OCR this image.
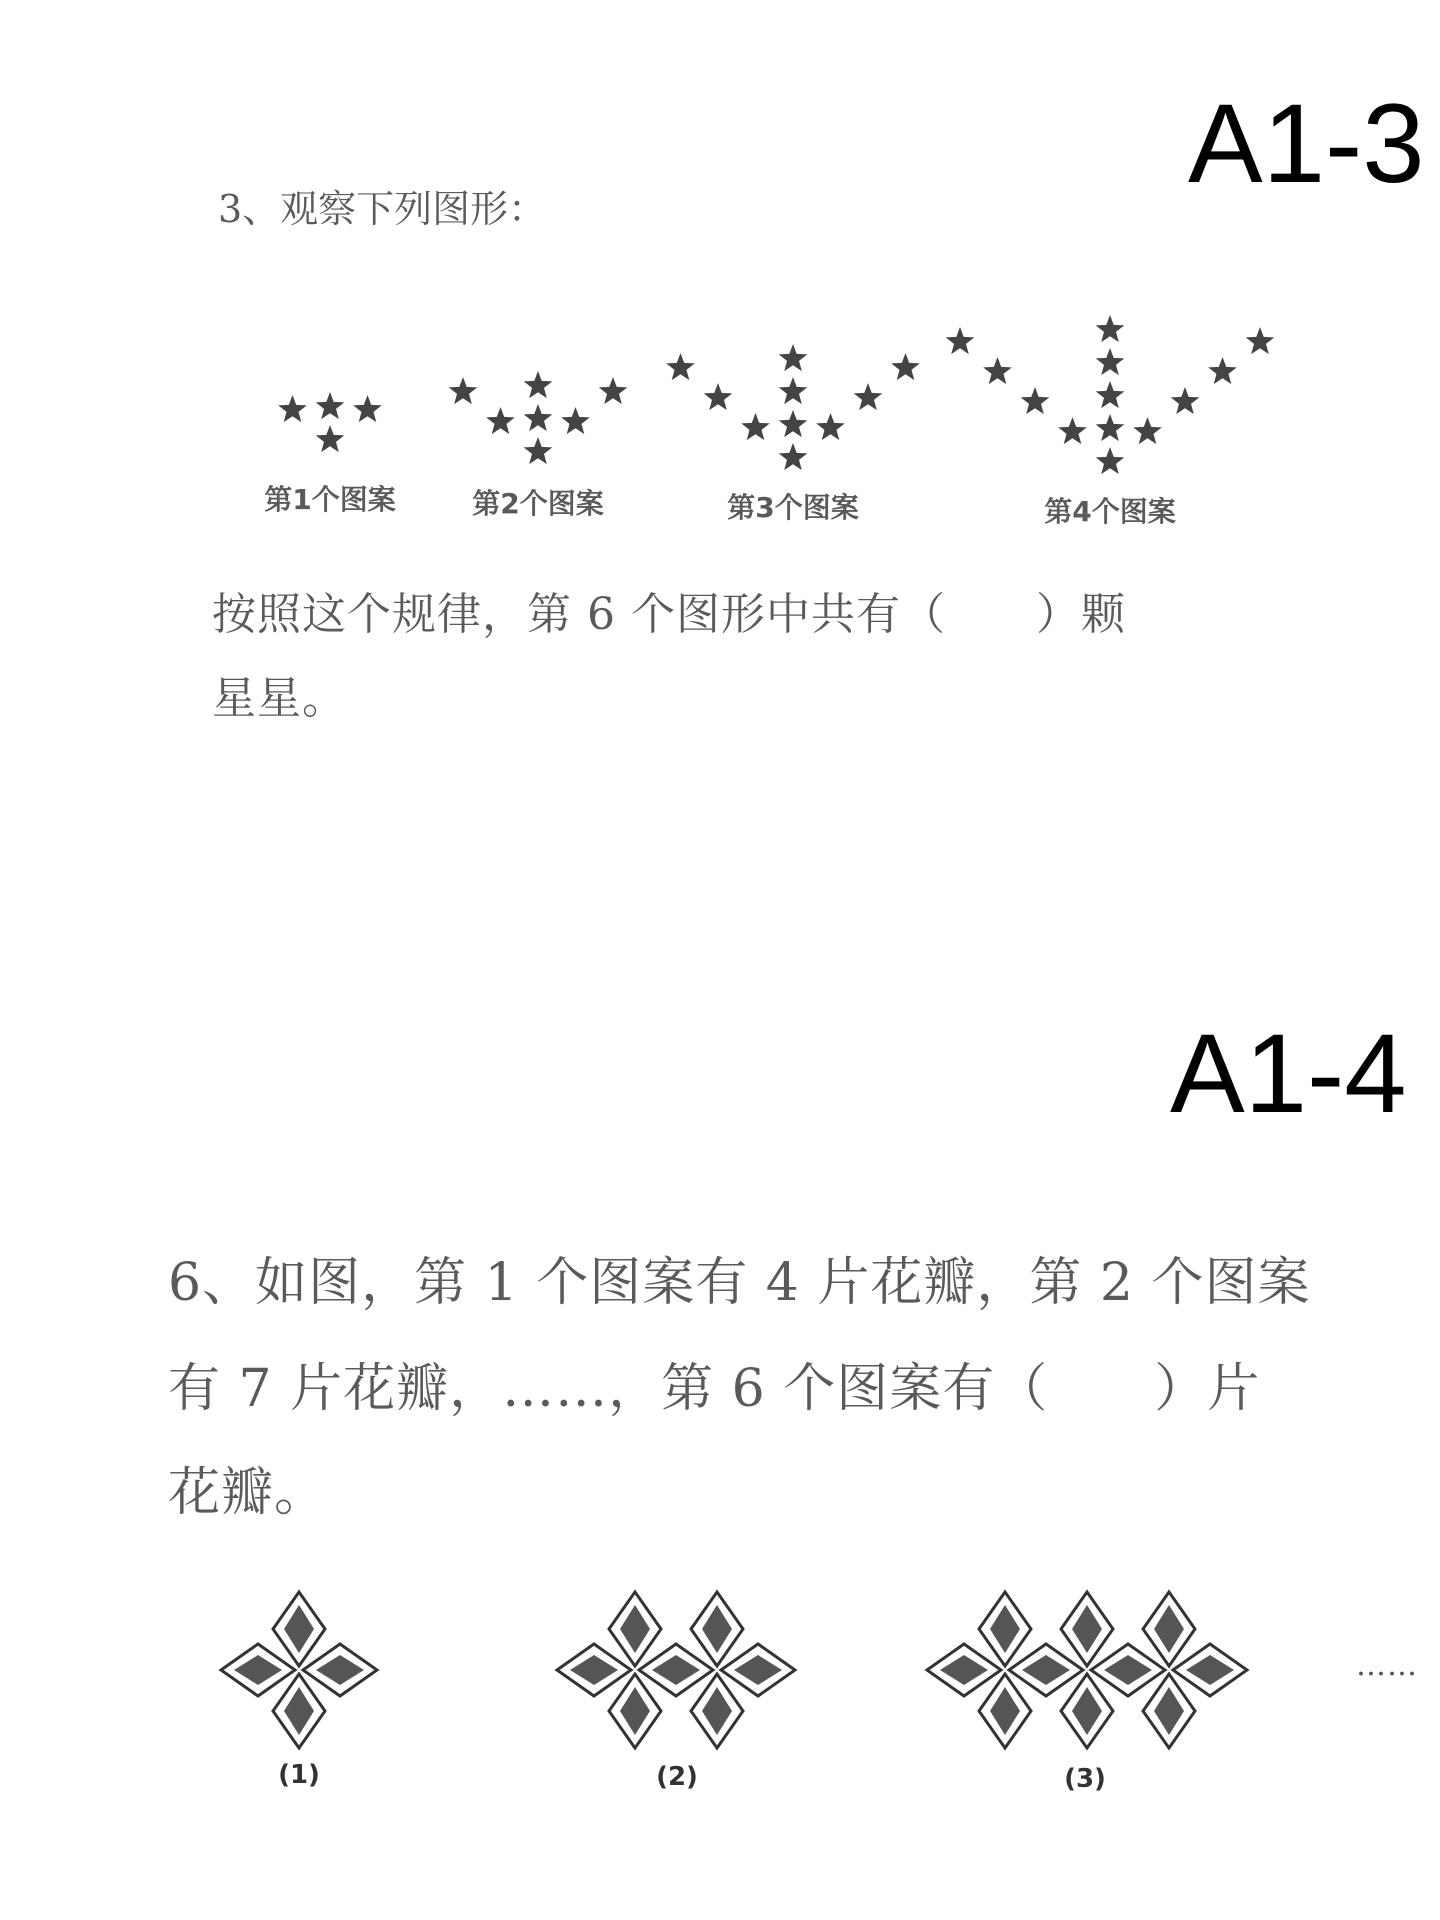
A1-3
3、观察下列图形：
第1个图案	第2个图案	第3个图案	第4个图案
按照这个规律，第 6 个图形中共有（　　）颗
星星。
A1-4
6、如图，第 1 个图案有 4 片花瓣，第 2 个图案
有 7 片花瓣，……，第 6 个图案有（　　）片
花瓣。
(1)	(2)	(3)
……
